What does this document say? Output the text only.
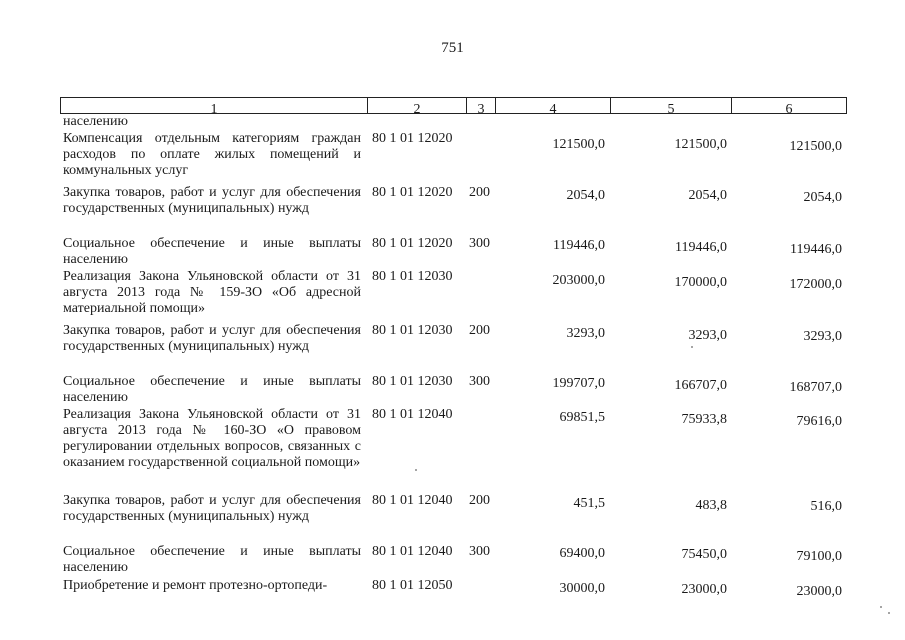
751
1	2	3	4	5	6
населению
Компенсация отдельным категориям граждан расходов по оплате жилых помещений и коммунальных услуг
80 1 01 12020	121500,0	121500,0	121500,0
Закупка товаров, работ и услуг для обеспечения государственных (муниципальных) нужд
80 1 01 12020 200	2054,0	2054,0	2054,0
Социальное обеспечение и иные выплаты населению
80 1 01 12020 300	119446,0	119446,0	119446,0
Реализация Закона Ульяновской области от 31 августа 2013 года № 159-ЗО «Об адресной материальной помощи»
80 1 01 12030	203000,0	170000,0	172000,0
Закупка товаров, работ и услуг для обеспечения государственных (муниципальных) нужд
80 1 01 12030 200	3293,0	3293,0	3293,0
Социальное обеспечение и иные выплаты населению
80 1 01 12030 300	199707,0	166707,0	168707,0
Реализация Закона Ульяновской области от 31 августа 2013 года № 160-ЗО «О правовом регулировании отдельных вопросов, связанных с оказанием государственной социальной помощи»
80 1 01 12040	69851,5	75933,8	79616,0
Закупка товаров, работ и услуг для обеспечения государственных (муниципальных) нужд
80 1 01 12040 200	451,5	483,8	516,0
Социальное обеспечение и иные выплаты населению
80 1 01 12040 300	69400,0	75450,0	79100,0
Приобретение и ремонт протезно-ортопеди-	80 1 01 12050	30000,0	23000,0	23000,0
